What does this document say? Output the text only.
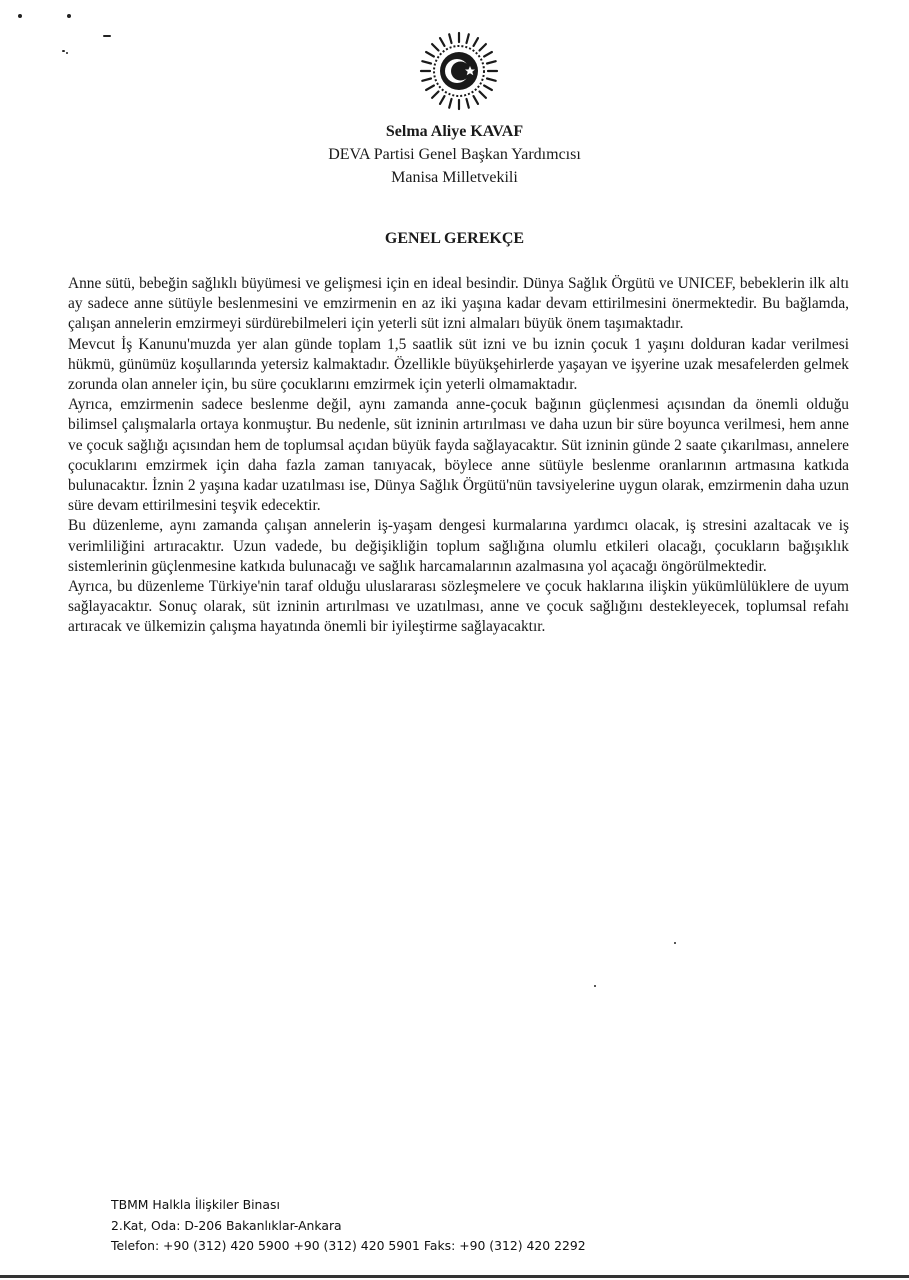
Selma Aliye KAVAF
DEVA Partisi Genel Başkan Yardımcısı
Manisa Milletvekili
GENEL GEREKÇE

Anne sütü, bebeğin sağlıklı büyümesi ve gelişmesi için en ideal besindir. Dünya Sağlık Örgütü ve UNICEF, bebeklerin ilk altı ay sadece anne sütüyle beslenmesini ve emzirmenin en az iki yaşına kadar devam ettirilmesini önermektedir. Bu bağlamda, çalışan annelerin emzirmeyi sürdürebilmeleri için yeterli süt izni almaları büyük önem taşımaktadır.

Mevcut İş Kanunu'muzda yer alan günde toplam 1,5 saatlik süt izni ve bu iznin çocuk 1 yaşını dolduran kadar verilmesi hükmü, günümüz koşullarında yetersiz kalmaktadır. Özellikle büyükşehirlerde yaşayan ve işyerine uzak mesafelerden gelmek zorunda olan anneler için, bu süre çocuklarını emzirmek için yeterli olmamaktadır.

Ayrıca, emzirmenin sadece beslenme değil, aynı zamanda anne-çocuk bağının güçlenmesi açısından da önemli olduğu bilimsel çalışmalarla ortaya konmuştur. Bu nedenle, süt izninin artırılması ve daha uzun bir süre boyunca verilmesi, hem anne ve çocuk sağlığı açısından hem de toplumsal açıdan büyük fayda sağlayacaktır. Süt izninin günde 2 saate çıkarılması, annelere çocuklarını emzirmek için daha fazla zaman tanıyacak, böylece anne sütüyle beslenme oranlarının artmasına katkıda bulunacaktır. İznin 2 yaşına kadar uzatılması ise, Dünya Sağlık Örgütü'nün tavsiyelerine uygun olarak, emzirmenin daha uzun süre devam ettirilmesini teşvik edecektir.

Bu düzenleme, aynı zamanda çalışan annelerin iş-yaşam dengesi kurmalarına yardımcı olacak, iş stresini azaltacak ve iş verimliliğini artıracaktır. Uzun vadede, bu değişikliğin toplum sağlığına olumlu etkileri olacağı, çocukların bağışıklık sistemlerinin güçlenmesine katkıda bulunacağı ve sağlık harcamalarının azalmasına yol açacağı öngörülmektedir.

Ayrıca, bu düzenleme Türkiye'nin taraf olduğu uluslararası sözleşmelere ve çocuk haklarına ilişkin yükümlülüklere de uyum sağlayacaktır. Sonuç olarak, süt izninin artırılması ve uzatılması, anne ve çocuk sağlığını destekleyecek, toplumsal refahı artıracak ve ülkemizin çalışma hayatında önemli bir iyileştirme sağlayacaktır.

TBMM Halkla İlişkiler Binası
2.Kat, Oda: D-206 Bakanlıklar-Ankara
Telefon: +90 (312) 420 5900 +90 (312) 420 5901 Faks: +90 (312) 420 2292
